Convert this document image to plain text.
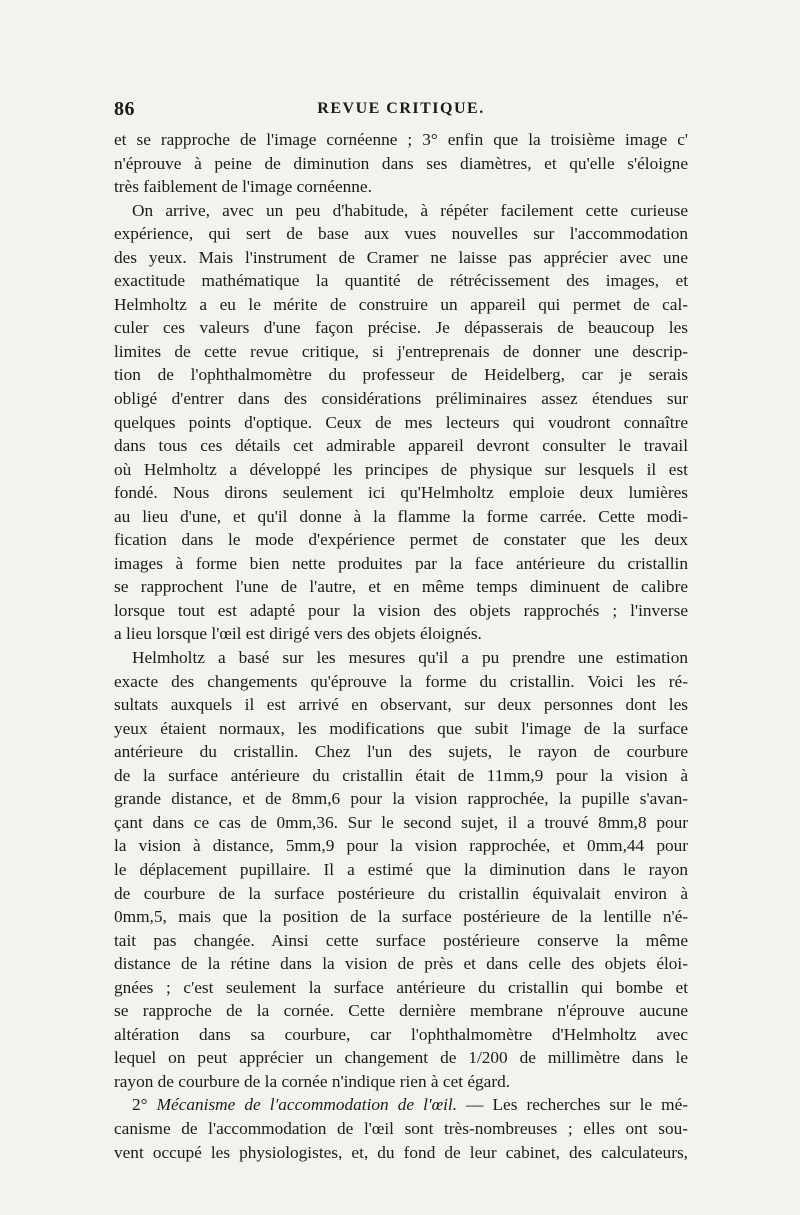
86	REVUE CRITIQUE.
et se rapproche de l'image cornéenne ; 3° enfin que la troisième image c'
n'éprouve à peine de diminution dans ses diamètres, et qu'elle s'éloigne
très faiblement de l'image cornéenne.
On arrive, avec un peu d'habitude, à répéter facilement cette curieuse
expérience, qui sert de base aux vues nouvelles sur l'accommodation
des yeux. Mais l'instrument de Cramer ne laisse pas apprécier avec une
exactitude mathématique la quantité de rétrécissement des images, et
Helmholtz a eu le mérite de construire un appareil qui permet de cal-
culer ces valeurs d'une façon précise. Je dépasserais de beaucoup les
limites de cette revue critique, si j'entreprenais de donner une descrip-
tion de l'ophthalmomètre du professeur de Heidelberg, car je serais
obligé d'entrer dans des considérations préliminaires assez étendues sur
quelques points d'optique. Ceux de mes lecteurs qui voudront connaître
dans tous ces détails cet admirable appareil devront consulter le travail
où Helmholtz a développé les principes de physique sur lesquels il est
fondé. Nous dirons seulement ici qu'Helmholtz emploie deux lumières
au lieu d'une, et qu'il donne à la flamme la forme carrée. Cette modi-
fication dans le mode d'expérience permet de constater que les deux
images à forme bien nette produites par la face antérieure du cristallin
se rapprochent l'une de l'autre, et en même temps diminuent de calibre
lorsque tout est adapté pour la vision des objets rapprochés ; l'inverse
a lieu lorsque l'œil est dirigé vers des objets éloignés.
Helmholtz a basé sur les mesures qu'il a pu prendre une estimation
exacte des changements qu'éprouve la forme du cristallin. Voici les ré-
sultats auxquels il est arrivé en observant, sur deux personnes dont les
yeux étaient normaux, les modifications que subit l'image de la surface
antérieure du cristallin. Chez l'un des sujets, le rayon de courbure
de la surface antérieure du cristallin était de 11mm,9 pour la vision à
grande distance, et de 8mm,6 pour la vision rapprochée, la pupille s'avan-
çant dans ce cas de 0mm,36. Sur le second sujet, il a trouvé 8mm,8 pour
la vision à distance, 5mm,9 pour la vision rapprochée, et 0mm,44 pour
le déplacement pupillaire. Il a estimé que la diminution dans le rayon
de courbure de la surface postérieure du cristallin équivalait environ à
0mm,5, mais que la position de la surface postérieure de la lentille n'é-
tait pas changée. Ainsi cette surface postérieure conserve la même
distance de la rétine dans la vision de près et dans celle des objets éloi-
gnées ; c'est seulement la surface antérieure du cristallin qui bombe et
se rapproche de la cornée. Cette dernière membrane n'éprouve aucune
altération dans sa courbure, car l'ophthalmomètre d'Helmholtz avec
lequel on peut apprécier un changement de 1/200 de millimètre dans le
rayon de courbure de la cornée n'indique rien à cet égard.
2° Mécanisme de l'accommodation de l'œil. — Les recherches sur le mé-
canisme de l'accommodation de l'œil sont très-nombreuses ; elles ont sou-
vent occupé les physiologistes, et, du fond de leur cabinet, des calculateurs,
